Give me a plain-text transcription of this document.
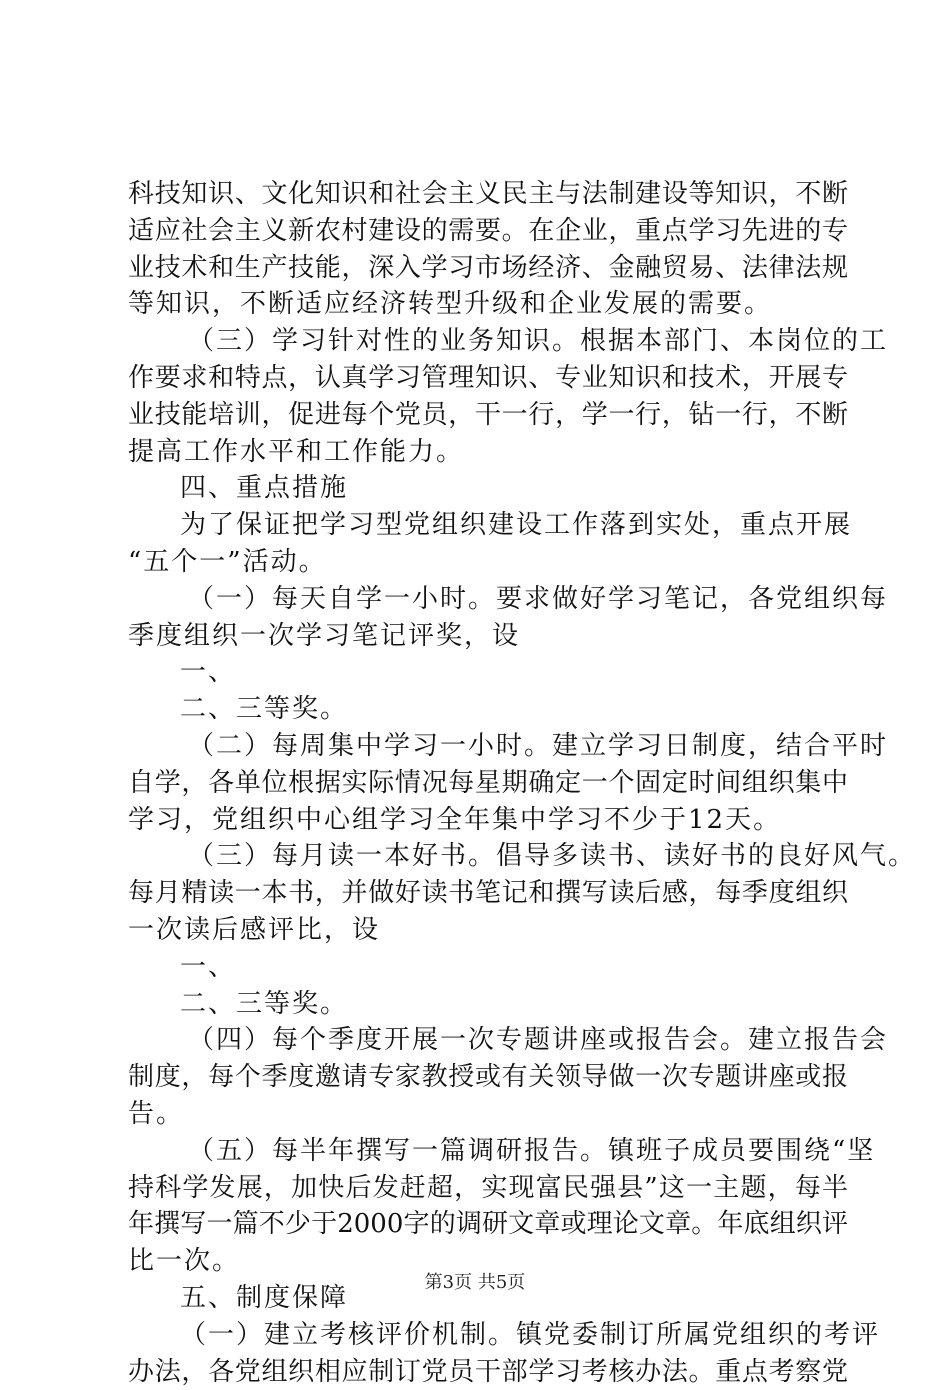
科技知识、文化知识和社会主义民主与法制建设等知识，不断
适应社会主义新农村建设的需要。在企业，重点学习先进的专
业技术和生产技能，深入学习市场经济、金融贸易、法律法规
等知识，不断适应经济转型升级和企业发展的需要。
（三）学习针对性的业务知识。根据本部门、本岗位的工
作要求和特点，认真学习管理知识、专业知识和技术，开展专
业技能培训，促进每个党员，干一行，学一行，钻一行，不断
提高工作水平和工作能力。
四、重点措施
为了保证把学习型党组织建设工作落到实处，重点开展
“五个一”活动。
（一）每天自学一小时。要求做好学习笔记，各党组织每
季度组织一次学习笔记评奖，设
一、
二、三等奖。
（二）每周集中学习一小时。建立学习日制度，结合平时
自学，各单位根据实际情况每星期确定一个固定时间组织集中
学习，党组织中心组学习全年集中学习不少于12天。
（三）每月读一本好书。倡导多读书、读好书的良好风气。
每月精读一本书，并做好读书笔记和撰写读后感，每季度组织
一次读后感评比，设
一、
二、三等奖。
（四）每个季度开展一次专题讲座或报告会。建立报告会
制度，每个季度邀请专家教授或有关领导做一次专题讲座或报
告。
（五）每半年撰写一篇调研报告。镇班子成员要围绕“坚
持科学发展，加快后发赶超，实现富民强县”这一主题，每半
年撰写一篇不少于2000字的调研文章或理论文章。年底组织评
比一次。
五、制度保障
（一）建立考核评价机制。镇党委制订所属党组织的考评
办法，各党组织相应制订党员干部学习考核办法。重点考察党
第3页 共5页
